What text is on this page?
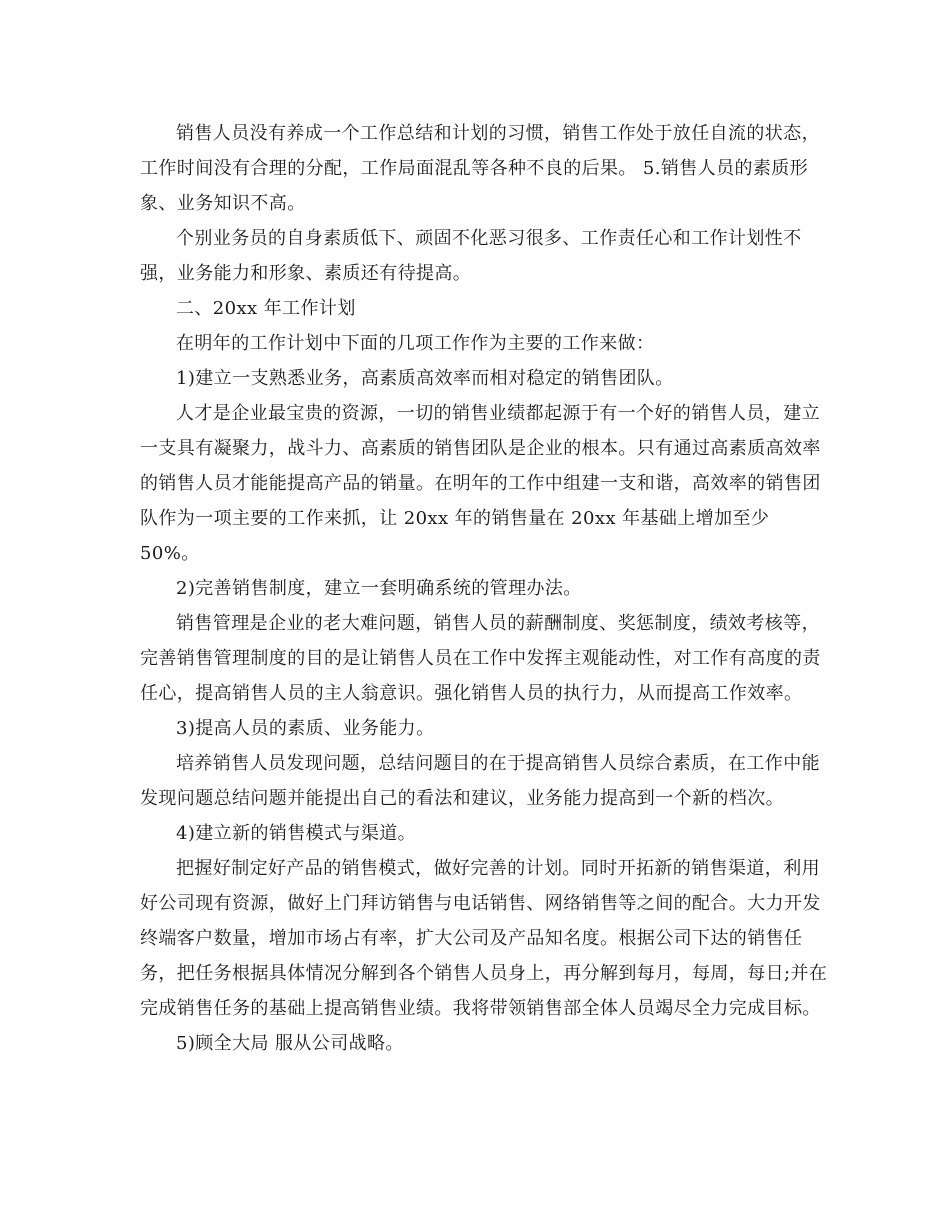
销售人员没有养成一个工作总结和计划的习惯，销售工作处于放任自流的状态，工作时间没有合理的分配，工作局面混乱等各种不良的后果。 5.销售人员的素质形象、业务知识不高。

个别业务员的自身素质低下、顽固不化恶习很多、工作责任心和工作计划性不强，业务能力和形象、素质还有待提高。

二、20xx 年工作计划

在明年的工作计划中下面的几项工作作为主要的工作来做：

1)建立一支熟悉业务，高素质高效率而相对稳定的销售团队。

人才是企业最宝贵的资源，一切的销售业绩都起源于有一个好的销售人员，建立一支具有凝聚力，战斗力、高素质的销售团队是企业的根本。只有通过高素质高效率的销售人员才能能提高产品的销量。在明年的工作中组建一支和谐，高效率的销售团队作为一项主要的工作来抓，让 20xx 年的销售量在 20xx 年基础上增加至少 50%。

2)完善销售制度，建立一套明确系统的管理办法。

销售管理是企业的老大难问题，销售人员的薪酬制度、奖惩制度，绩效考核等，完善销售管理制度的目的是让销售人员在工作中发挥主观能动性，对工作有高度的责任心，提高销售人员的主人翁意识。强化销售人员的执行力，从而提高工作效率。

3)提高人员的素质、业务能力。

培养销售人员发现问题，总结问题目的在于提高销售人员综合素质，在工作中能发现问题总结问题并能提出自己的看法和建议，业务能力提高到一个新的档次。

4)建立新的销售模式与渠道。

把握好制定好产品的销售模式，做好完善的计划。同时开拓新的销售渠道，利用好公司现有资源，做好上门拜访销售与电话销售、网络销售等之间的配合。大力开发终端客户数量，增加市场占有率，扩大公司及产品知名度。根据公司下达的销售任务，把任务根据具体情况分解到各个销售人员身上，再分解到每月，每周，每日;并在完成销售任务的基础上提高销售业绩。我将带领销售部全体人员竭尽全力完成目标。

5)顾全大局 服从公司战略。
